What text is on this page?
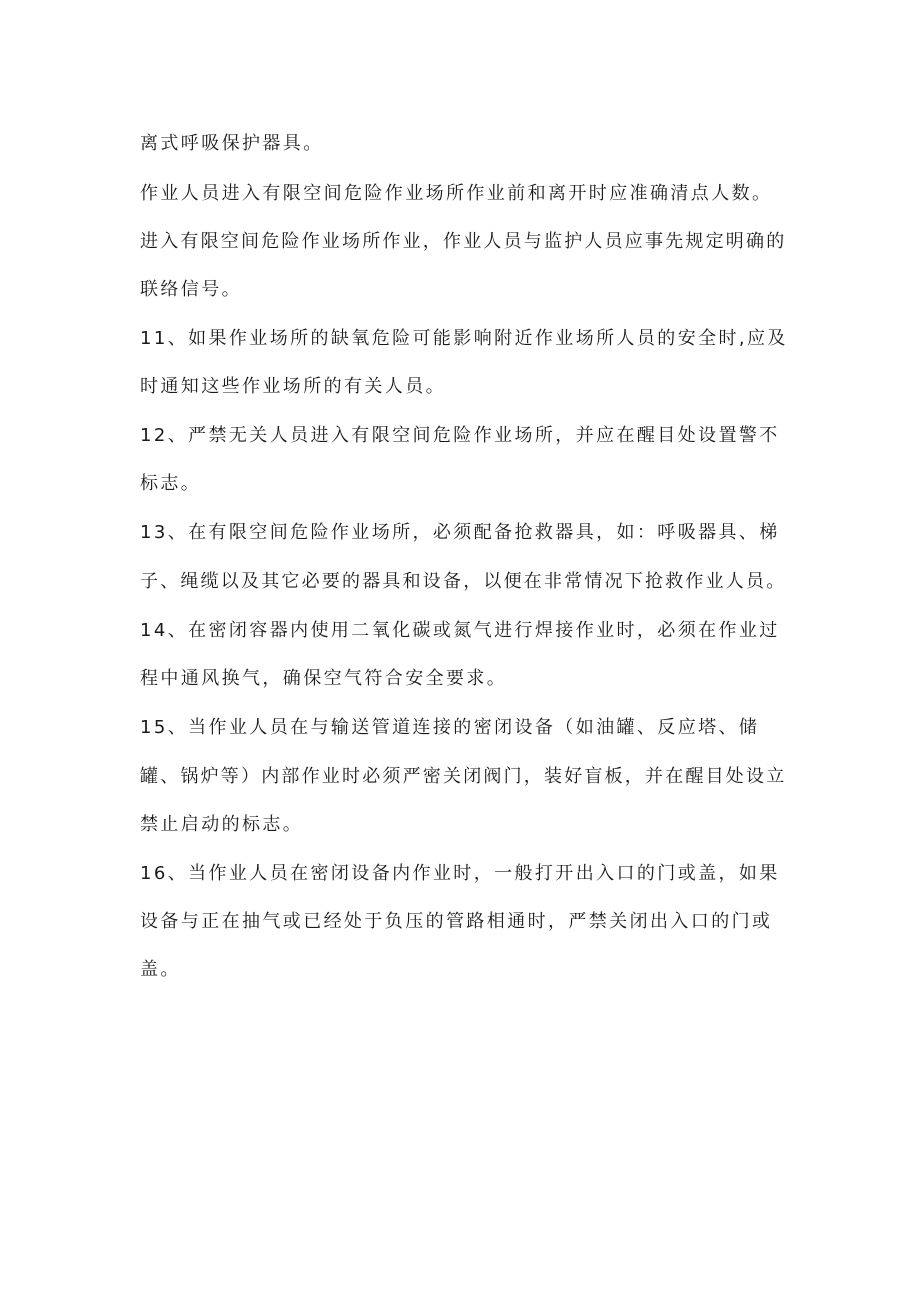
离式呼吸保护器具。
作业人员进入有限空间危险作业场所作业前和离开时应准确清点人数。
进入有限空间危险作业场所作业，作业人员与监护人员应事先规定明确的
联络信号。
11、如果作业场所的缺氧危险可能影响附近作业场所人员的安全时,应及
时通知这些作业场所的有关人员。
12、严禁无关人员进入有限空间危险作业场所，并应在醒目处设置警不
标志。
13、在有限空间危险作业场所，必须配备抢救器具，如：呼吸器具、梯
子、绳缆以及其它必要的器具和设备，以便在非常情况下抢救作业人员。
14、在密闭容器内使用二氧化碳或氮气进行焊接作业时，必须在作业过
程中通风换气，确保空气符合安全要求。
15、当作业人员在与输送管道连接的密闭设备（如油罐、反应塔、储
罐、锅炉等）内部作业时必须严密关闭阀门，装好盲板，并在醒目处设立
禁止启动的标志。
16、当作业人员在密闭设备内作业时，一般打开出入口的门或盖，如果
设备与正在抽气或已经处于负压的管路相通时，严禁关闭出入口的门或
盖。
